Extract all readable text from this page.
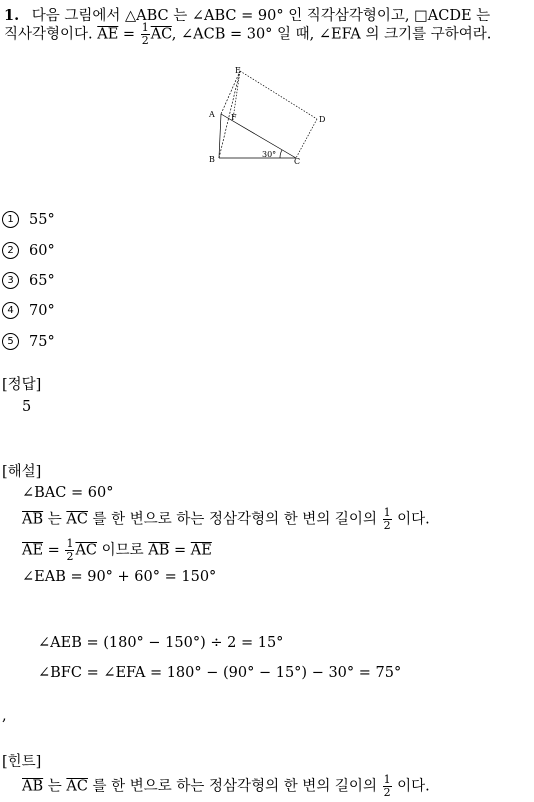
1. 다음 그림에서 △ABC 는 ∠ABC = 90° 인 직각삼각형이고, □ACDE 는
직사각형이다. $\overline{AE} = \frac{1}{2} \overline{AC}$, ∠ACB = 30° 일 때, ∠EFA 의 크기를 구하여라.
E
A F	D
B	C
30°
1	55°
2	60°
3	65°
4	70°
5	75°
[정답]
5
[해설]
∠BAC = 60°
$\overline{AB}$ 는 $\overline{AC}$ 를 한 변으로 하는 정삼각형의 한 변의 길이의 $\frac{1}{2}$ 이다.
$\overline{AE} = \frac{1}{2} \overline{AC}$ 이므로 $\overline{AB} = \overline{AE}$
∠EAB = 90° + 60° = 150°
∠AEB = (180° − 150°) ÷ 2 = 15°
∠BFC = ∠EFA = 180° − (90° − 15°) − 30° = 75°
,
[힌트]
$\overline{AB}$ 는 $\overline{AC}$ 를 한 변으로 하는 정삼각형의 한 변의 길이의 $\frac{1}{2}$ 이다.
